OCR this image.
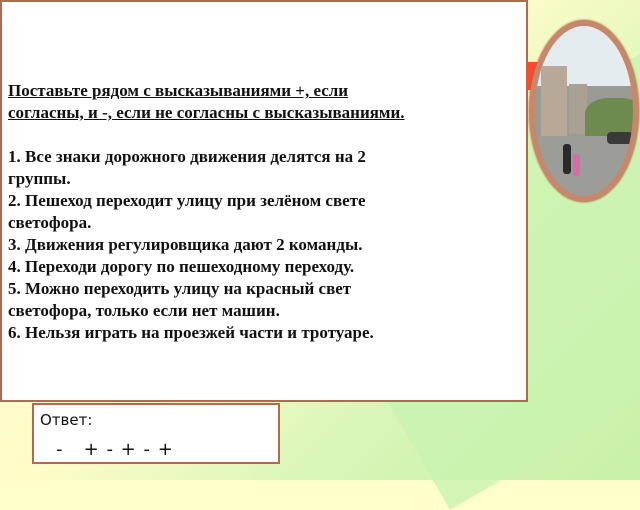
Поставьте рядом с высказываниями +, если
согласны, и -, если не согласны с высказываниями.
1. Все знаки дорожного движения делятся на 2
группы.
2. Пешеход переходит улицу при зелёном свете
светофора.
3. Движения регулировщика дают 2 команды.
4. Переходи дорогу по пешеходному переходу.
5. Можно переходить улицу на красный свет
светофора, только если нет машин.
6. Нельзя играть на проезжей части и тротуаре.
Ответ:
-   + - + - +
